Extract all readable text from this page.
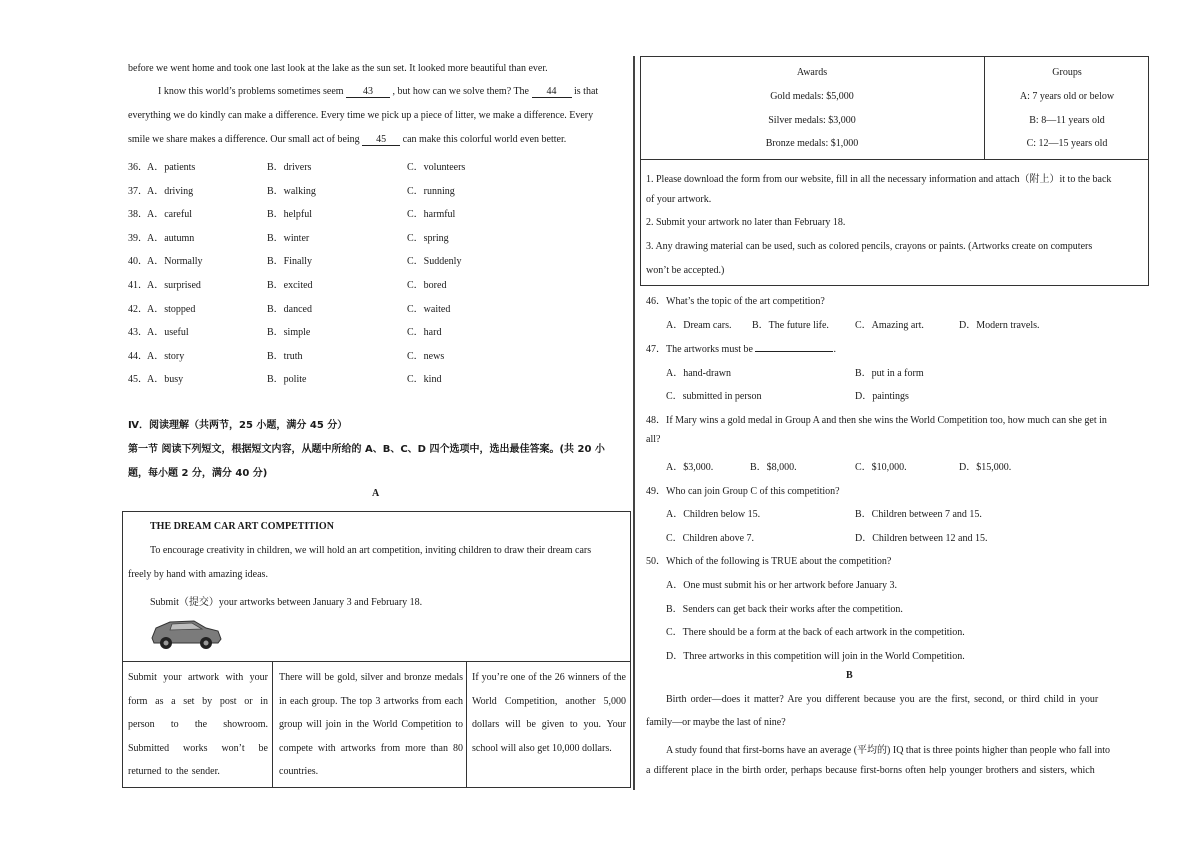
before we went home and took one last look at the lake as the sun set. It looked more beautiful than ever.
I know this world’s problems sometimes seem 43 , but how can we solve them? The 44 is that
everything we do kindly can make a difference. Every time we pick up a piece of litter, we make a difference. Every
smile we share makes a difference. Our small act of being 45 can make this colorful world even better.
36． A．patients	B．drivers	C．volunteers
37． A．driving	B．walking	C．running
38． A．careful	B．helpful	C．harmful
39． A．autumn	B．winter	C．spring
40． A．Normally	B．Finally	C．Suddenly
41． A．surprised	B．excited	C．bored
42． A．stopped	B．danced	C．waited
43． A．useful	B．simple	C．hard
44． A．story	B．truth	C．news
45． A．busy	B．polite	C．kind
Ⅳ．阅读理解（共两节，25 小题，满分 45 分）
第一节 阅读下列短文，根据短文内容，从题中所给的 A、B、C、D 四个选项中，选出最佳答案。(共 20 小
题，每小题 2 分，满分 40 分)
A
THE DREAM CAR ART COMPETITION
To encourage creativity in children, we will hold an art competition, inviting children to draw their dream cars
freely by hand with amazing ideas.
Submit（提交）your artworks between January 3 and February 18.
Submit your artwork with your form as a set by post or in person to the showroom. Submitted works won’t be returned to the sender.
There will be gold, silver and bronze medals in each group. The top 3 artworks from each group will join in the World Competition to compete with artworks from more than 80 countries.
If you’re one of the 26 winners of the World Competition, another 5,000 dollars will be given to you. Your school will also get 10,000 dollars.
Awards
Gold medals: $5,000
Silver medals: $3,000
Bronze medals: $1,000
Groups
A: 7 years old or below
B: 8—11 years old
C: 12—15 years old
1. Please download the form from our website, fill in all the necessary information and attach（附上）it to the back
of your artwork.
2. Submit your artwork no later than February 18.
3. Any drawing material can be used, such as colored pencils, crayons or paints. (Artworks create on computers
won’t be accepted.)
46．What’s the topic of the art competition?
A．Dream cars. B．The future life.	C．Amazing art.	D．Modern travels.
47．The artworks must be	.
A．hand-drawn	B．put in a form
C．submitted in person	D．paintings
48．If Mary wins a gold medal in Group A and then she wins the World Competition too, how much can she get in
all?
A．$3,000.	B．$8,000.	C．$10,000.	D．$15,000.
49．Who can join Group C of this competition?
A．Children below 15.	B．Children between 7 and 15.
C．Children above 7.	D．Children between 12 and 15.
50．Which of the following is TRUE about the competition?
A．One must submit his or her artwork before January 3.
B．Senders can get back their works after the competition.
C．There should be a form at the back of each artwork in the competition.
D．Three artworks in this competition will join in the World Competition.
B
Birth order—does it matter? Are you different because you are the first, second, or third child in your
family—or maybe the last of nine?
A study found that first-borns have an average (平均的) IQ that is three points higher than people who fall into
a different place in the birth order, perhaps because first-borns often help younger brothers and sisters, which
